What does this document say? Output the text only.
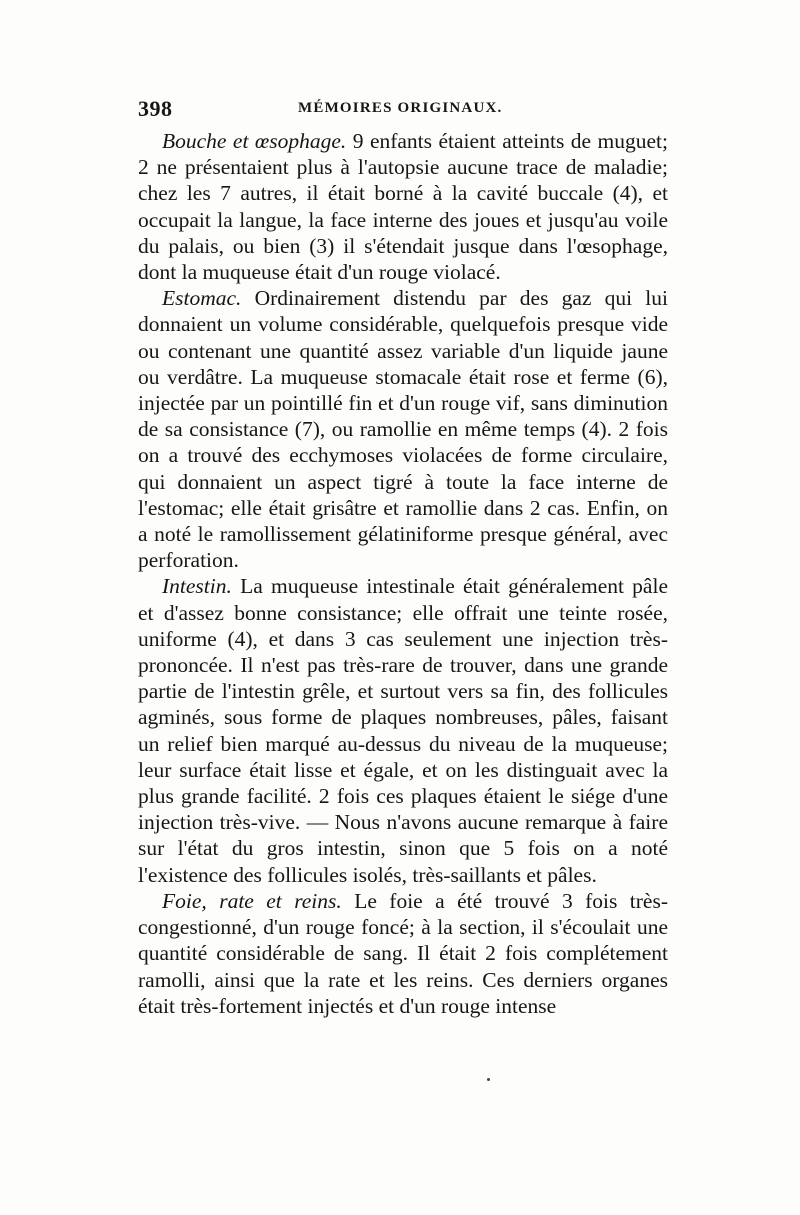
398	MÉMOIRES ORIGINAUX.

Bouche et œsophage. 9 enfants étaient atteints de muguet; 2 ne présentaient plus à l'autopsie aucune trace de maladie; chez les 7 autres, il était borné à la cavité buccale (4), et occupait la langue, la face interne des joues et jusqu'au voile du palais, ou bien (3) il s'étendait jusque dans l'œsophage, dont la muqueuse était d'un rouge violacé.

Estomac. Ordinairement distendu par des gaz qui lui donnaient un volume considérable, quelquefois presque vide ou contenant une quantité assez variable d'un liquide jaune ou verdâtre. La muqueuse stomacale était rose et ferme (6), injectée par un pointillé fin et d'un rouge vif, sans diminution de sa consistance (7), ou ramollie en même temps (4). 2 fois on a trouvé des ecchymoses violacées de forme circulaire, qui donnaient un aspect tigré à toute la face interne de l'estomac; elle était grisâtre et ramollie dans 2 cas. Enfin, on a noté le ramollissement gélatiniforme presque général, avec perforation.

Intestin. La muqueuse intestinale était généralement pâle et d'assez bonne consistance; elle offrait une teinte rosée, uniforme (4), et dans 3 cas seulement une injection très-prononcée. Il n'est pas très-rare de trouver, dans une grande partie de l'intestin grêle, et surtout vers sa fin, des follicules agminés, sous forme de plaques nombreuses, pâles, faisant un relief bien marqué au-dessus du niveau de la muqueuse; leur surface était lisse et égale, et on les distinguait avec la plus grande facilité. 2 fois ces plaques étaient le siége d'une injection très-vive. — Nous n'avons aucune remarque à faire sur l'état du gros intestin, sinon que 5 fois on a noté l'existence des follicules isolés, très-saillants et pâles.

Foie, rate et reins. Le foie a été trouvé 3 fois très-congestionné, d'un rouge foncé; à la section, il s'écoulait une quantité considérable de sang. Il était 2 fois complétement ramolli, ainsi que la rate et les reins. Ces derniers organes était très-fortement injectés et d'un rouge intense
